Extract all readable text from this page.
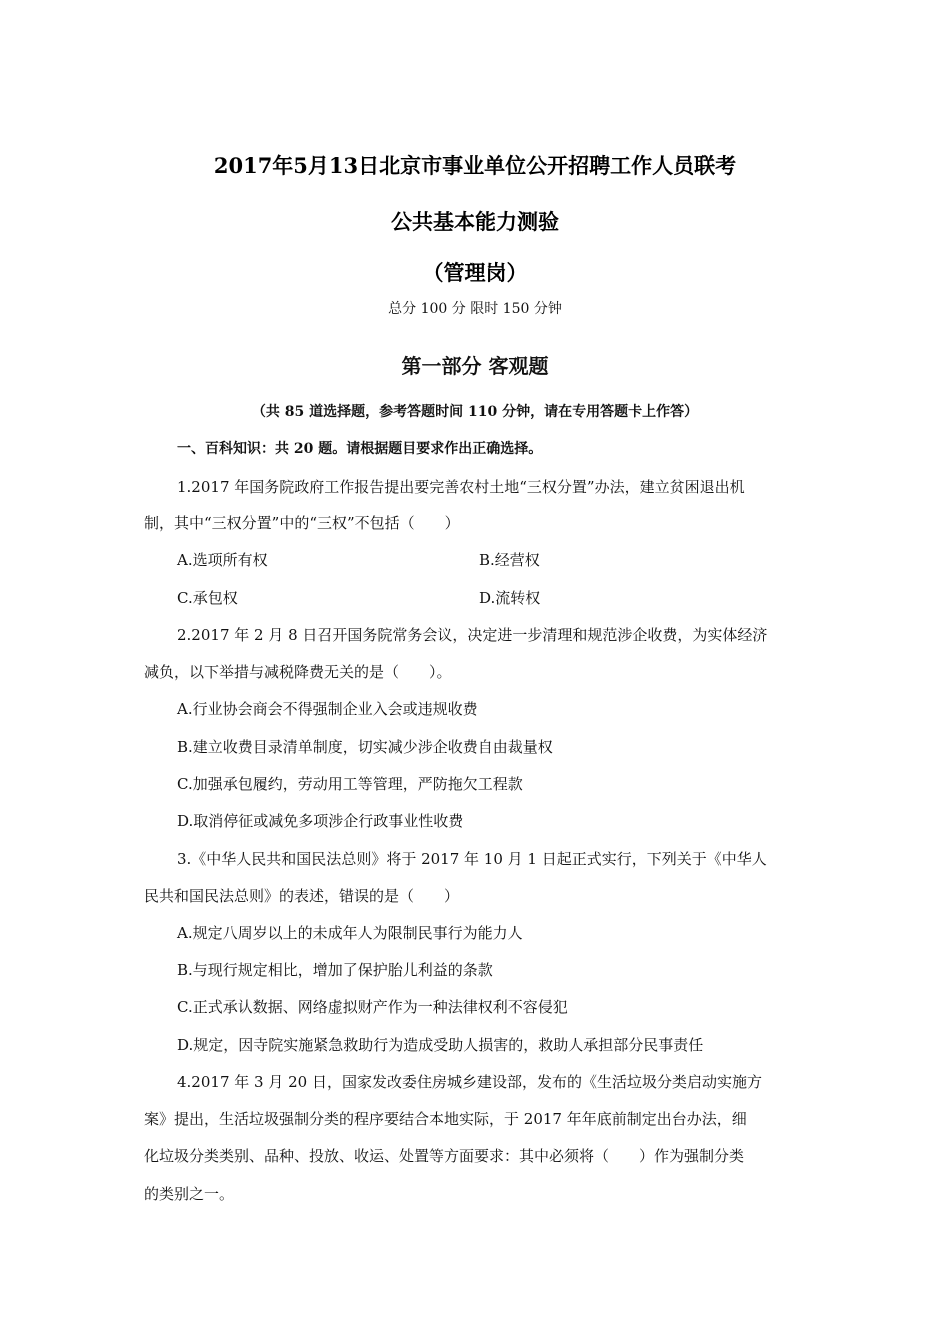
2017年5月13日北京市事业单位公开招聘工作人员联考
公共基本能力测验
（管理岗）
总分 100 分 限时 150 分钟
第一部分 客观题
（共 85 道选择题，参考答题时间 110 分钟，请在专用答题卡上作答）
一、百科知识：共 20 题。请根据题目要求作出正确选择。
1.2017 年国务院政府工作报告提出要完善农村土地“三权分置”办法，建立贫困退出机
制，其中“三权分置”中的“三权”不包括（　　）
A.选项所有权	B.经营权
C.承包权	D.流转权
2.2017 年 2 月 8 日召开国务院常务会议，决定进一步清理和规范涉企收费，为实体经济
减负，以下举措与减税降费无关的是（　　）。
A.行业协会商会不得强制企业入会或违规收费
B.建立收费目录清单制度，切实减少涉企收费自由裁量权
C.加强承包履约，劳动用工等管理，严防拖欠工程款
D.取消停征或减免多项涉企行政事业性收费
3.《中华人民共和国民法总则》将于 2017 年 10 月 1 日起正式实行，下列关于《中华人
民共和国民法总则》的表述，错误的是（　　）
A.规定八周岁以上的未成年人为限制民事行为能力人
B.与现行规定相比，增加了保护胎儿利益的条款
C.正式承认数据、网络虚拟财产作为一种法律权利不容侵犯
D.规定，因寺院实施紧急救助行为造成受助人损害的，救助人承担部分民事责任
4.2017 年 3 月 20 日，国家发改委住房城乡建设部，发布的《生活垃圾分类启动实施方
案》提出，生活垃圾强制分类的程序要结合本地实际，于 2017 年年底前制定出台办法，细
化垃圾分类类别、品种、投放、收运、处置等方面要求：其中必须将（　　）作为强制分类
的类别之一。
